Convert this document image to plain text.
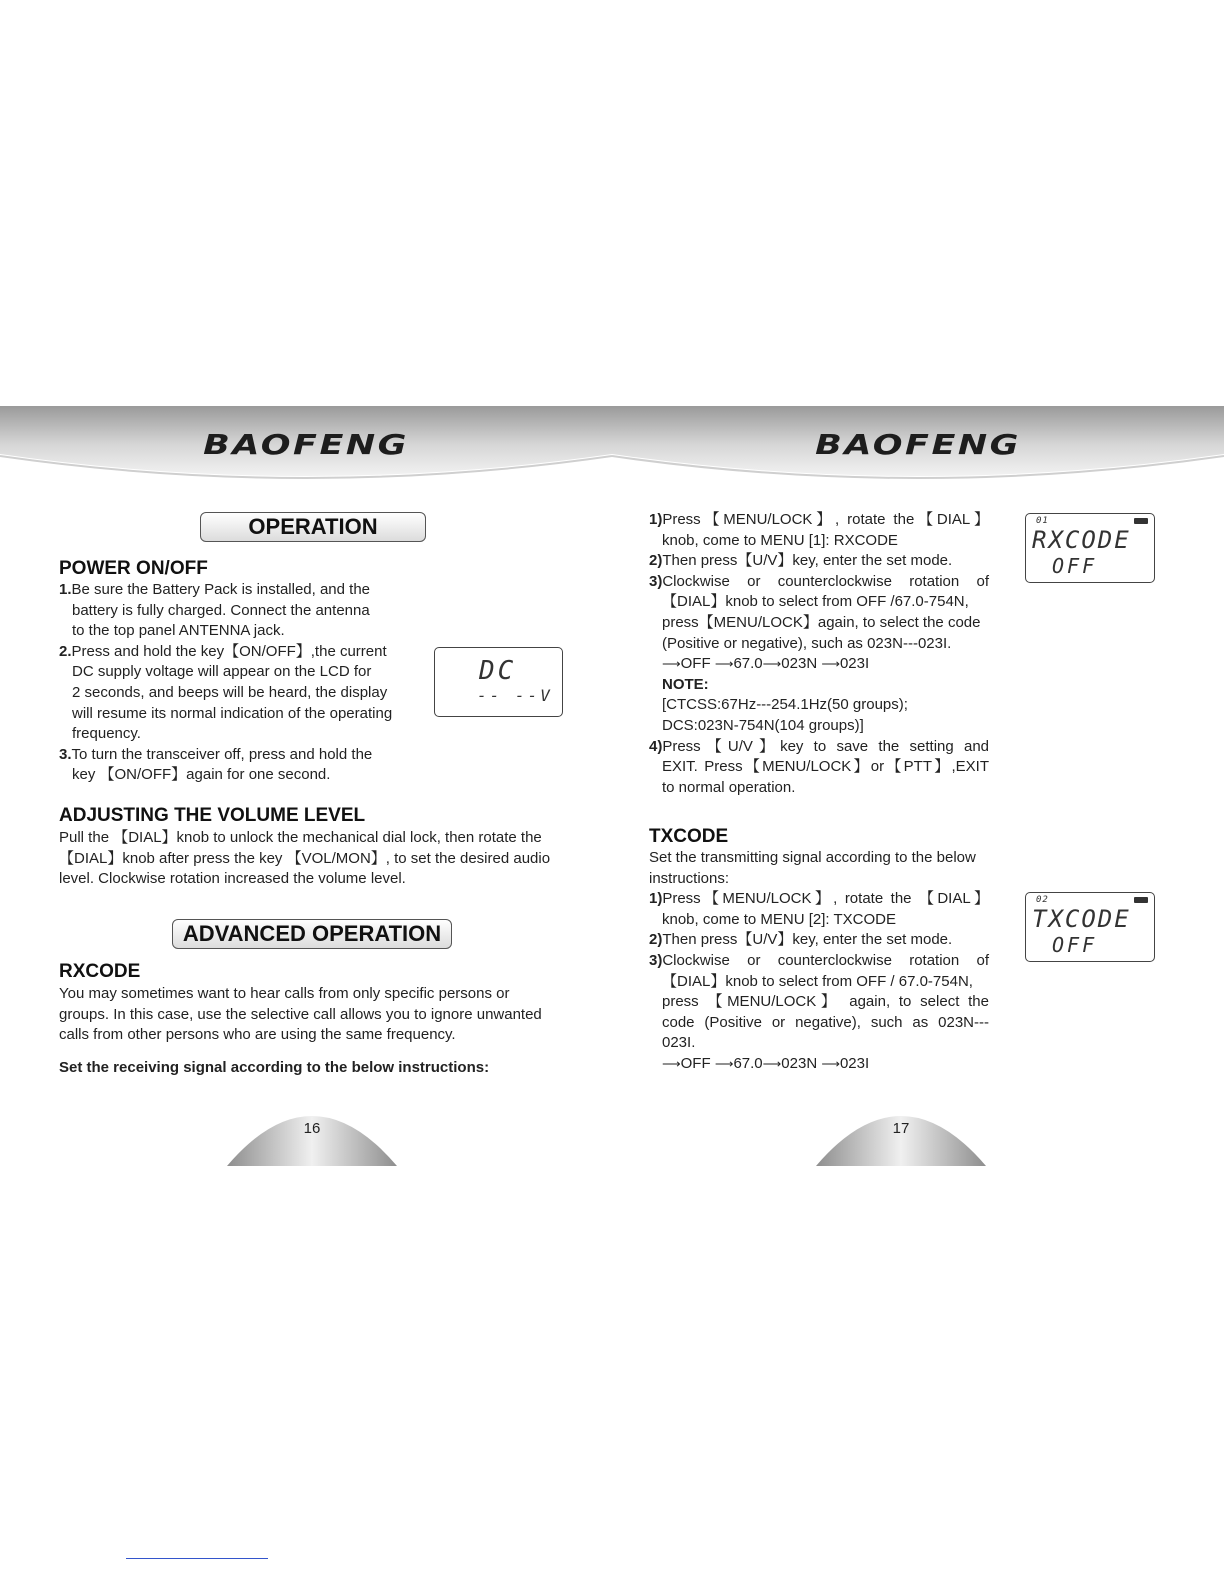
BAOFENG
OPERATION
POWER ON/OFF

1.Be sure the Battery Pack is installed, and the

battery is fully charged. Connect the antenna

to the top panel ANTENNA jack.

2.Press and hold the key【ON/OFF】,the current

DC supply voltage will appear on the LCD for

2 seconds, and beeps will be heard, the display

will resume its normal indication of the operating

frequency.

3.To turn the transceiver off, press and hold the

key 【ON/OFF】again for one second.

DC
-- --V
ADJUSTING THE VOLUME LEVEL

Pull the 【DIAL】knob to unlock the mechanical dial lock, then rotate the

【DIAL】knob after press the key 【VOL/MON】, to set the desired audio

level. Clockwise rotation increased the volume level.

ADVANCED OPERATION
RXCODE

You may sometimes want to hear calls from only specific persons or

groups. In this case, use the selective call allows you to ignore unwanted

calls from other persons who are using the same frequency.

Set the receiving signal according to the below instructions:
16
BAOFENG

1)Press【MENU/LOCK】, rotate the【DIAL】

knob, come to MENU [1]: RXCODE

2)Then press【U/V】key, enter the set mode.

3)Clockwise or counterclockwise rotation of

【DIAL】knob to select from OFF /67.0-754N,

press【MENU/LOCK】again, to select the code

(Positive or negative), such as 023N---023I.

⟶OFF ⟶67.0⟶023N ⟶023I

NOTE:

[CTCSS:67Hz---254.1Hz(50 groups);

DCS:023N-754N(104 groups)]

4)Press【U/V】key to save the setting and

EXIT. Press【MENU/LOCK】or【PTT】,EXIT

to normal operation.

01
RXCODE
OFF
TXCODE

Set the transmitting signal according to the below

instructions:

1)Press【MENU/LOCK】, rotate the 【DIAL】

knob, come to MENU [2]: TXCODE

2)Then press【U/V】key, enter the set mode.

3)Clockwise or counterclockwise rotation of

【DIAL】knob to select from OFF / 67.0-754N,

press 【MENU/LOCK】 again, to select the

code (Positive or negative), such as 023N---

023I.

⟶OFF ⟶67.0⟶023N ⟶023I

02
TXCODE
OFF
17
